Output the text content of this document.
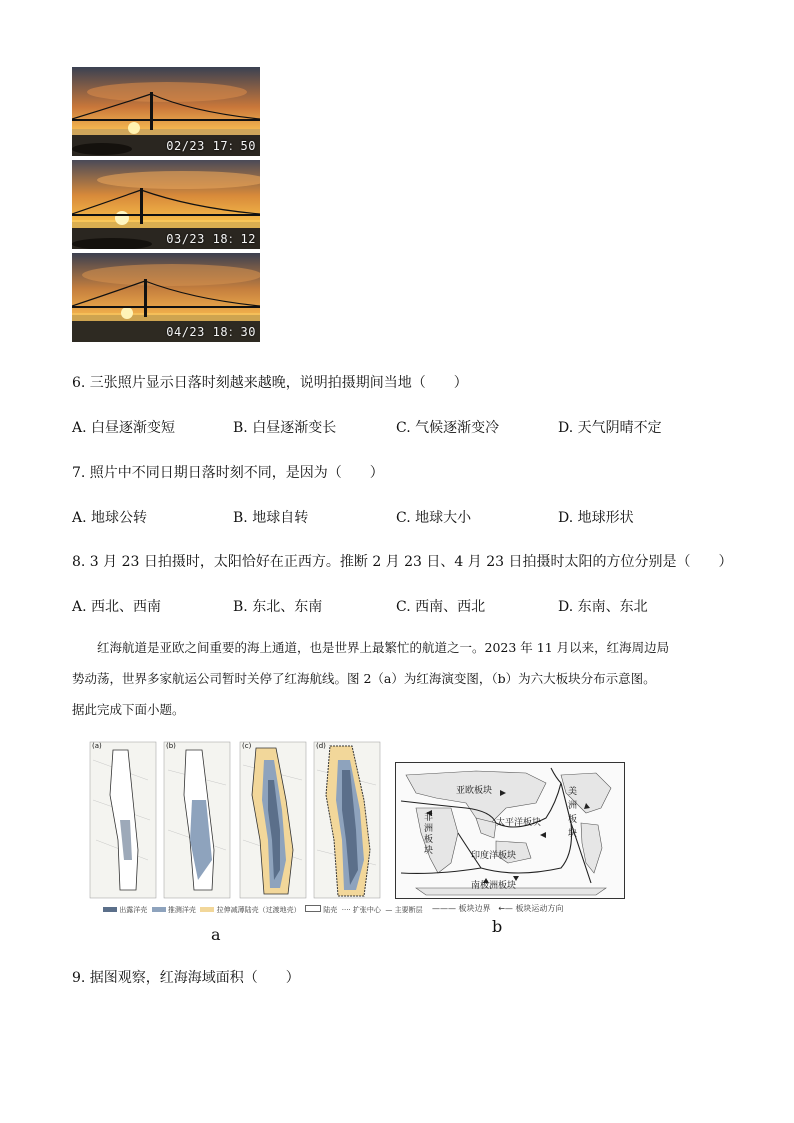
02/23 17：50
03/23 18：12
04/23 18：30
6. 三张照片显示日落时刻越来越晚，说明拍摄期间当地（　　）
A. 白昼逐渐变短	B. 白昼逐渐变长	C. 气候逐渐变冷	D. 天气阴晴不定
7. 照片中不同日期日落时刻不同，是因为（　　）
A. 地球公转	B. 地球自转	C. 地球大小	D. 地球形状
8. 3 月 23 日拍摄时，太阳恰好在正西方。推断 2 月 23 日、4 月 23 日拍摄时太阳的方位分别是（　　）
A. 西北、西南	B. 东北、东南	C. 西南、西北	D. 东南、东北

红海航道是亚欧之间重要的海上通道，也是世界上最繁忙的航道之一。2023 年 11 月以来，红海周边局

势动荡，世界多家航运公司暂时关停了红海航线。图 2（a）为红海演变图，（b）为六大板块分布示意图。

据此完成下面小题。

(a)	(b)	(c)	(d)
出露洋壳	推测洋壳	拉伸减薄陆壳（过渡地壳）	陆壳 ···· 扩张中心 — 主要断层
a
亚欧板块
非洲板块
太平洋板块
美洲板块
印度洋板块
南极洲板块
——— 板块边界 ←— 板块运动方向
b
9. 据图观察，红海海域面积（　　）
